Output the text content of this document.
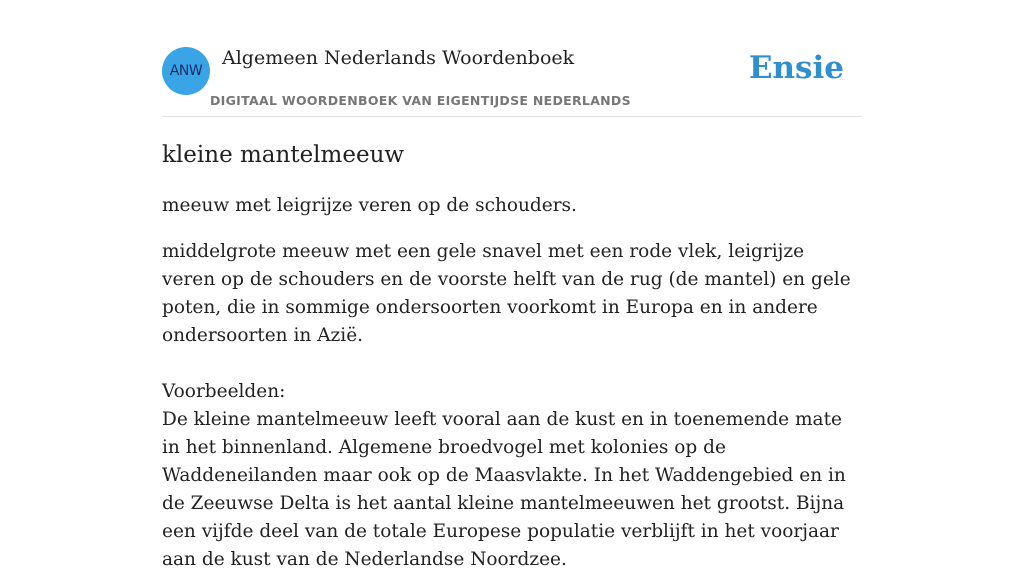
ANW
Algemeen Nederlands Woordenboek
DIGITAAL WOORDENBOEK VAN EIGENTIJDSE NEDERLANDS
Ensie
kleine mantelmeeuw

meeuw met leigrijze veren op de schouders.

middelgrote meeuw met een gele snavel met een rode vlek, leigrijze veren op de schouders en de voorste helft van de rug (de mantel) en gele poten, die in sommige ondersoorten voorkomt in Europa en in andere ondersoorten in Azië.

Voorbeelden:

De kleine mantelmeeuw leeft vooral aan de kust en in toenemende mate in het binnenland. Algemene broedvogel met kolonies op de Waddeneilanden maar ook op de Maasvlakte. In het Waddengebied en in de Zeeuwse Delta is het aantal kleine mantelmeeuwen het grootst. Bijna een vijfde deel van de totale Europese populatie verblijft in het voorjaar aan de kust van de Nederlandse Noordzee.
